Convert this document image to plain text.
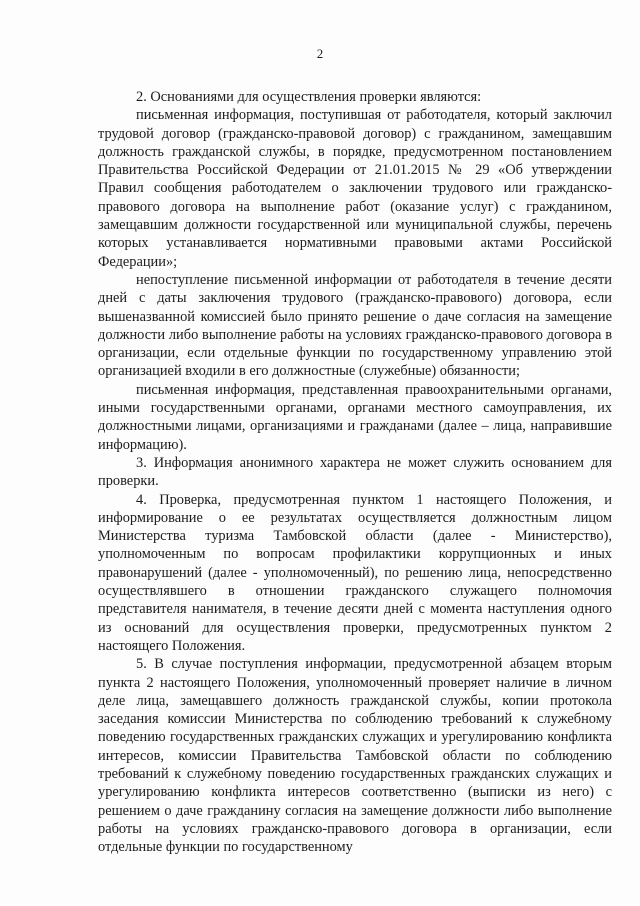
2

2. Основаниями для осуществления проверки являются:

письменная информация, поступившая от работодателя, который заключил трудовой договор (гражданско-правовой договор) с гражданином, замещавшим должность гражданской службы, в порядке, предусмотренном постановлением Правительства Российской Федерации от 21.01.2015 № 29 «Об утверждении Правил сообщения работодателем о заключении трудового или гражданско-правового договора на выполнение работ (оказание услуг) с гражданином, замещавшим должности государственной или муниципальной службы, перечень которых устанавливается нормативными правовыми актами Российской Федерации»;

непоступление письменной информации от работодателя в течение десяти дней с даты заключения трудового (гражданско-правового) договора, если вышеназванной комиссией было принято решение о даче согласия на замещение должности либо выполнение работы на условиях гражданско-правового договора в организации, если отдельные функции по государственному управлению этой организацией входили в его должностные (служебные) обязанности;

письменная информация, представленная правоохранительными органами, иными государственными органами, органами местного самоуправления, их должностными лицами, организациями и гражданами (далее – лица, направившие информацию).

3. Информация анонимного характера не может служить основанием для проверки.

4. Проверка, предусмотренная пунктом 1 настоящего Положения, и информирование о ее результатах осуществляется должностным лицом Министерства туризма Тамбовской области (далее - Министерство), уполномоченным по вопросам профилактики коррупционных и иных правонарушений (далее - уполномоченный), по решению лица, непосредственно осуществлявшего в отношении гражданского служащего полномочия представителя нанимателя, в течение десяти дней с момента наступления одного из оснований для осуществления проверки, предусмотренных пунктом 2 настоящего Положения.

5. В случае поступления информации, предусмотренной абзацем вторым пункта 2 настоящего Положения, уполномоченный проверяет наличие в личном деле лица, замещавшего должность гражданской службы, копии протокола заседания комиссии Министерства по соблюдению требований к служебному поведению государственных гражданских служащих и урегулированию конфликта интересов, комиссии Правительства Тамбовской области по соблюдению требований к служебному поведению государственных гражданских служащих и урегулированию конфликта интересов соответственно (выписки из него) с решением о даче гражданину согласия на замещение должности либо выполнение работы на условиях гражданско-правового договора в организации, если отдельные функции по государственному
